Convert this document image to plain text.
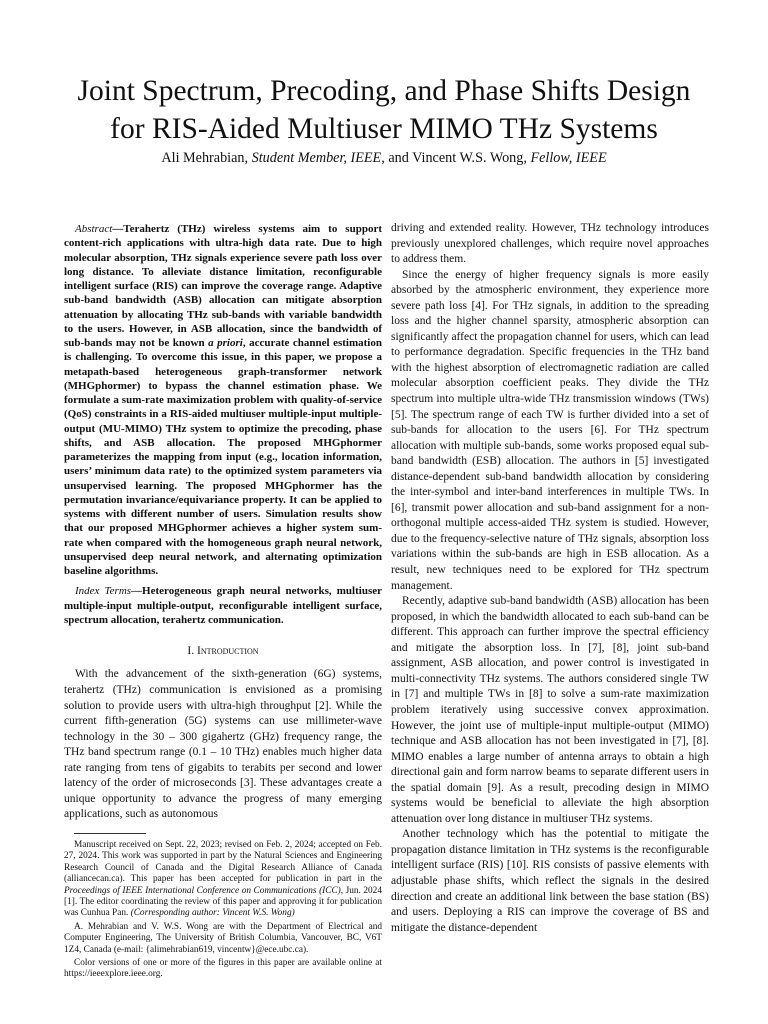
Joint Spectrum, Precoding, and Phase Shifts Design
for RIS-Aided Multiuser MIMO THz Systems
Ali Mehrabian, Student Member, IEEE, and Vincent W.S. Wong, Fellow, IEEE

Abstract—Terahertz (THz) wireless systems aim to support content-rich applications with ultra-high data rate. Due to high molecular absorption, THz signals experience severe path loss over long distance. To alleviate distance limitation, reconfigurable intelligent surface (RIS) can improve the coverage range. Adaptive sub-band bandwidth (ASB) allocation can mitigate absorption attenuation by allocating THz sub-bands with variable bandwidth to the users. However, in ASB allocation, since the bandwidth of sub-bands may not be known a priori, accurate channel estimation is challenging. To overcome this issue, in this paper, we propose a metapath-based heterogeneous graph-transformer network (MHGphormer) to bypass the channel estimation phase. We formulate a sum-rate maximization problem with quality-of-service (QoS) constraints in a RIS-aided multiuser multiple-input multiple-output (MU-MIMO) THz system to optimize the precoding, phase shifts, and ASB allocation. The proposed MHGphormer parameterizes the mapping from input (e.g., location information, users’ minimum data rate) to the optimized system parameters via unsupervised learning. The proposed MHGphormer has the permutation invariance/equivariance property. It can be applied to systems with different number of users. Simulation results show that our proposed MHGphormer achieves a higher system sum-rate when compared with the homogeneous graph neural network, unsupervised deep neural network, and alternating optimization baseline algorithms.

Index Terms—Heterogeneous graph neural networks, multiuser multiple-input multiple-output, reconfigurable intelligent surface, spectrum allocation, terahertz communication.

I. Introduction

With the advancement of the sixth-generation (6G) systems, terahertz (THz) communication is envisioned as a promising solution to provide users with ultra-high throughput [2]. While the current fifth-generation (5G) systems can use millimeter-wave technology in the 30 – 300 gigahertz (GHz) frequency range, the THz band spectrum range (0.1 – 10 THz) enables much higher data rate ranging from tens of gigabits to terabits per second and lower latency of the order of microseconds [3]. These advantages create a unique opportunity to advance the progress of many emerging applications, such as autonomous

Manuscript received on Sept. 22, 2023; revised on Feb. 2, 2024; accepted on Feb. 27, 2024. This work was supported in part by the Natural Sciences and Engineering Research Council of Canada and the Digital Research Alliance of Canada (alliancecan.ca). This paper has been accepted for publication in part in the Proceedings of IEEE International Conference on Communications (ICC), Jun. 2024 [1]. The editor coordinating the review of this paper and approving it for publication was Cunhua Pan. (Corresponding author: Vincent W.S. Wong)

A. Mehrabian and V. W.S. Wong are with the Department of Electrical and Computer Engineering, The University of British Columbia, Vancouver, BC, V6T 1Z4, Canada (e-mail: {alimehrabian619, vincentw}@ece.ubc.ca).

Color versions of one or more of the figures in this paper are available online at https://ieeexplore.ieee.org.

driving and extended reality. However, THz technology introduces previously unexplored challenges, which require novel approaches to address them.

Since the energy of higher frequency signals is more easily absorbed by the atmospheric environment, they experience more severe path loss [4]. For THz signals, in addition to the spreading loss and the higher channel sparsity, atmospheric absorption can significantly affect the propagation channel for users, which can lead to performance degradation. Specific frequencies in the THz band with the highest absorption of electromagnetic radiation are called molecular absorption coefficient peaks. They divide the THz spectrum into multiple ultra-wide THz transmission windows (TWs) [5]. The spectrum range of each TW is further divided into a set of sub-bands for allocation to the users [6]. For THz spectrum allocation with multiple sub-bands, some works proposed equal sub-band bandwidth (ESB) allocation. The authors in [5] investigated distance-dependent sub-band bandwidth allocation by considering the inter-symbol and inter-band interferences in multiple TWs. In [6], transmit power allocation and sub-band assignment for a non-orthogonal multiple access-aided THz system is studied. However, due to the frequency-selective nature of THz signals, absorption loss variations within the sub-bands are high in ESB allocation. As a result, new techniques need to be explored for THz spectrum management.

Recently, adaptive sub-band bandwidth (ASB) allocation has been proposed, in which the bandwidth allocated to each sub-band can be different. This approach can further improve the spectral efficiency and mitigate the absorption loss. In [7], [8], joint sub-band assignment, ASB allocation, and power control is investigated in multi-connectivity THz systems. The authors considered single TW in [7] and multiple TWs in [8] to solve a sum-rate maximization problem iteratively using successive convex approximation. However, the joint use of multiple-input multiple-output (MIMO) technique and ASB allocation has not been investigated in [7], [8]. MIMO enables a large number of antenna arrays to obtain a high directional gain and form narrow beams to separate different users in the spatial domain [9]. As a result, precoding design in MIMO systems would be beneficial to alleviate the high absorption attenuation over long distance in multiuser THz systems.

Another technology which has the potential to mitigate the propagation distance limitation in THz systems is the reconfigurable intelligent surface (RIS) [10]. RIS consists of passive elements with adjustable phase shifts, which reflect the signals in the desired direction and create an additional link between the base station (BS) and users. Deploying a RIS can improve the coverage of BS and mitigate the distance-dependent
